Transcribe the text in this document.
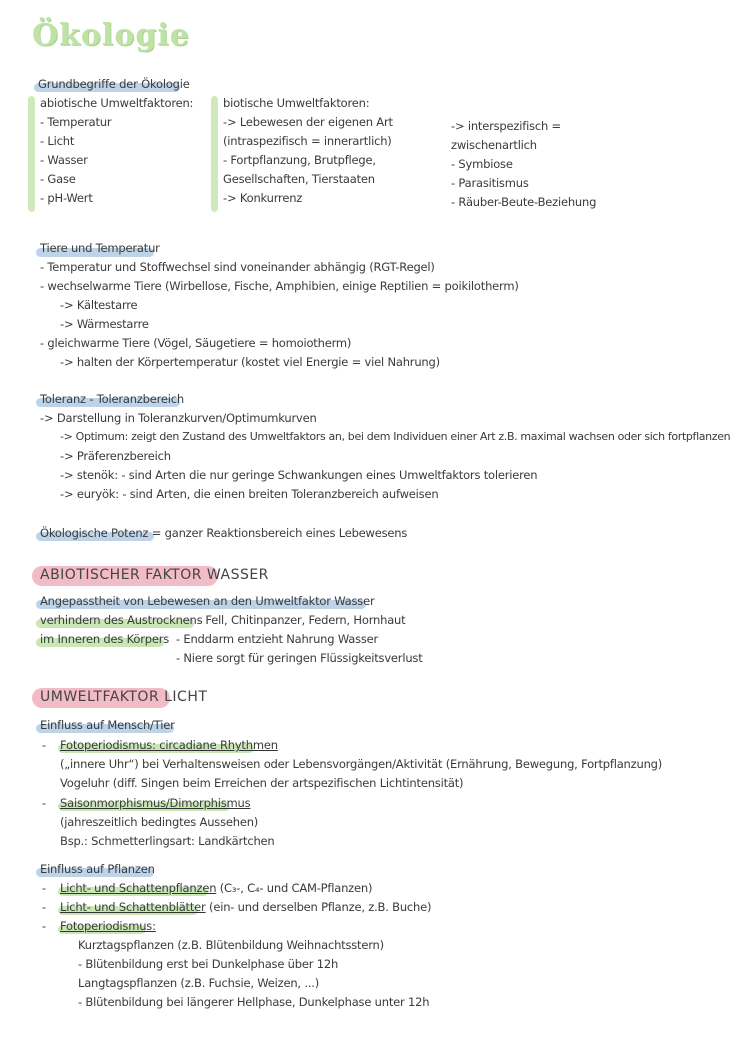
Ökologie
Grundbegriffe der Ökologie
abiotische Umweltfaktoren:
- Temperatur
- Licht
- Wasser
- Gase
- pH-Wert
biotische Umweltfaktoren:
-> Lebewesen der eigenen Art
(intraspezifisch = innerartlich)
- Fortpflanzung, Brutpflege,
Gesellschaften, Tierstaaten
-> Konkurrenz
-> interspezifisch =
zwischenartlich
- Symbiose
- Parasitismus
- Räuber-Beute-Beziehung
Tiere und Temperatur
- Temperatur und Stoffwechsel sind voneinander abhängig (RGT-Regel)
- wechselwarme Tiere (Wirbellose, Fische, Amphibien, einige Reptilien = poikilotherm)
-> Kältestarre
-> Wärmestarre
- gleichwarme Tiere (Vögel, Säugetiere = homoiotherm)
-> halten der Körpertemperatur (kostet viel Energie = viel Nahrung)
Toleranz - Toleranzbereich
-> Darstellung in Toleranzkurven/Optimumkurven
-> Optimum: zeigt den Zustand des Umweltfaktors an, bei dem Individuen einer Art z.B. maximal wachsen oder sich fortpflanzen
-> Präferenzbereich
-> stenök: - sind Arten die nur geringe Schwankungen eines Umweltfaktors tolerieren
-> euryök: - sind Arten, die einen breiten Toleranzbereich aufweisen
Ökologische Potenz = ganzer Reaktionsbereich eines Lebewesens
ABIOTISCHER FAKTOR WASSER
Angepasstheit von Lebewesen an den Umweltfaktor Wasser
verhindern des Austrocknens
- Fell, Chitinpanzer, Federn, Hornhaut
im Inneren des Körpers - Enddarm entzieht Nahrung Wasser
- Niere sorgt für geringen Flüssigkeitsverlust
UMWELTFAKTOR LICHT
Einfluss auf Mensch/Tier
- Fotoperiodismus: circadiane Rhythmen
(„innere Uhr“) bei Verhaltensweisen oder Lebensvorgängen/Aktivität (Ernährung, Bewegung, Fortpflanzung)
Vogeluhr (diff. Singen beim Erreichen der artspezifischen Lichtintensität)
- Saisonmorphismus/Dimorphismus
(jahreszeitlich bedingtes Aussehen)
Bsp.: Schmetterlingsart: Landkärtchen
Einfluss auf Pflanzen
- Licht- und Schattenpflanzen (C₃-, C₄- und CAM-Pflanzen)
- Licht- und Schattenblätter (ein- und derselben Pflanze, z.B. Buche)
- Fotoperiodismus:
Kurztagspflanzen (z.B. Blütenbildung Weihnachtsstern)
- Blütenbildung erst bei Dunkelphase über 12h
Langtagspflanzen (z.B. Fuchsie, Weizen, ...)
- Blütenbildung bei längerer Hellphase, Dunkelphase unter 12h
